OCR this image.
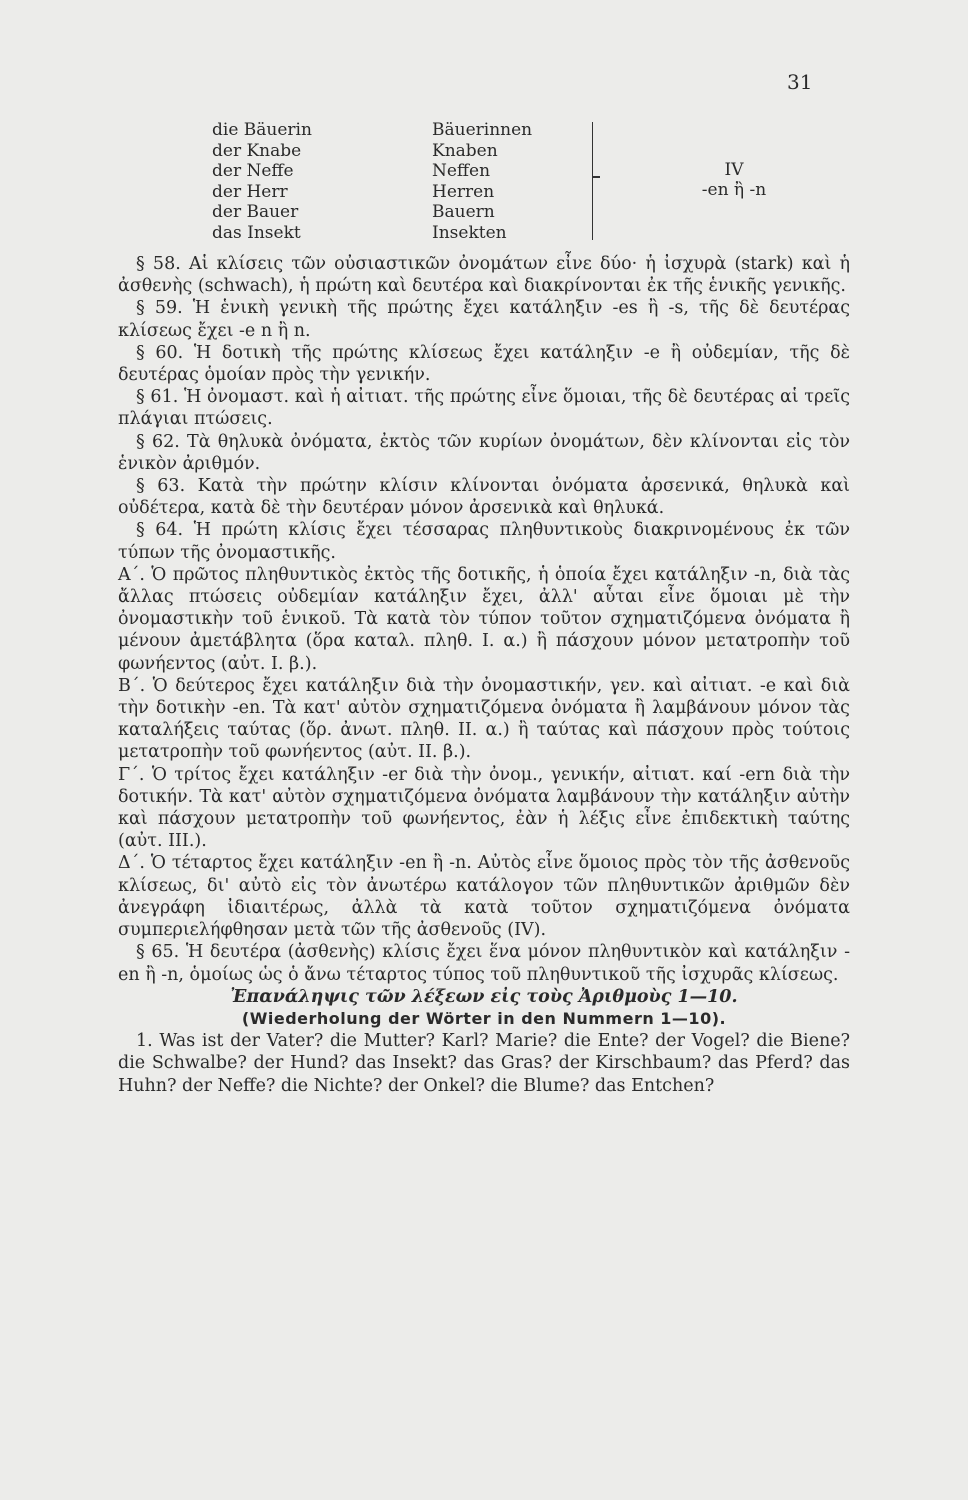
31
die Bäuerin
der Knabe
der Neffe
der Herr
der Bauer
das Insekt
Bäuerinnen
Knaben
Neffen
Herren
Bauern
Insekten
IV
-en ἢ -n

§ 58. Αἱ κλίσεις τῶν οὐσιαστικῶν ὀνομάτων εἶνε δύο· ἡ ἰσχυρὰ (stark) καὶ ἡ ἀσθενὴς (schwach), ἡ πρώτη καὶ δευτέρα καὶ διακρίνονται ἐκ τῆς ἑνικῆς γενικῆς.

§ 59. Ἡ ἑνικὴ γενικὴ τῆς πρώτης ἔχει κατάληξιν -es ἢ -s, τῆς δὲ δευτέρας κλίσεως ἔχει -e n ἢ n.

§ 60. Ἡ δοτικὴ τῆς πρώτης κλίσεως ἔχει κατάληξιν -e ἢ οὐδεμίαν, τῆς δὲ δευτέρας ὁμοίαν πρὸς τὴν γενικήν.

§ 61. Ἡ ὀνομαστ. καὶ ἡ αἰτιατ. τῆς πρώτης εἶνε ὅμοιαι, τῆς δὲ δευτέρας αἱ τρεῖς πλάγιαι πτώσεις.

§ 62. Τὰ θηλυκὰ ὀνόματα, ἐκτὸς τῶν κυρίων ὀνομάτων, δὲν κλίνονται εἰς τὸν ἑνικὸν ἀριθμόν.

§ 63. Κατὰ τὴν πρώτην κλίσιν κλίνονται ὀνόματα ἀρσενικά, θηλυκὰ καὶ οὐδέτερα, κατὰ δὲ τὴν δευτέραν μόνον ἀρσενικὰ καὶ θηλυκά.

§ 64. Ἡ πρώτη κλίσις ἔχει τέσσαρας πληθυντικοὺς διακρινομένους ἐκ τῶν τύπων τῆς ὀνομαστικῆς.

Α΄. Ὁ πρῶτος πληθυντικὸς ἐκτὸς τῆς δοτικῆς, ἡ ὁποία ἔχει κατάληξιν -n, διὰ τὰς ἄλλας πτώσεις οὐδεμίαν κατάληξιν ἔχει, ἀλλ' αὗται εἶνε ὅμοιαι μὲ τὴν ὀνομαστικὴν τοῦ ἑνικοῦ. Τὰ κατὰ τὸν τύπον τοῦτον σχηματιζόμενα ὀνόματα ἢ μένουν ἀμετάβλητα (ὅρα καταλ. πληθ. I. α.) ἢ πάσχουν μόνον μετατροπὴν τοῦ φωνήεντος (αὐτ. I. β.).

Β΄. Ὁ δεύτερος ἔχει κατάληξιν διὰ τὴν ὀνομαστικήν, γεν. καὶ αἰτιατ. -e καὶ διὰ τὴν δοτικὴν -en. Τὰ κατ' αὐτὸν σχηματιζόμενα ὀνόματα ἢ λαμβάνουν μόνον τὰς καταλήξεις ταύτας (ὅρ. ἀνωτ. πληθ. II. α.) ἢ ταύτας καὶ πάσχουν πρὸς τούτοις μετατροπὴν τοῦ φωνήεντος (αὐτ. II. β.).

Γ΄. Ὁ τρίτος ἔχει κατάληξιν -er διὰ τὴν ὀνομ., γενικήν, αἰτιατ. καί -ern διὰ τὴν δοτικήν. Τὰ κατ' αὐτὸν σχηματιζόμενα ὀνόματα λαμβάνουν τὴν κατάληξιν αὐτὴν καὶ πάσχουν μετατροπὴν τοῦ φωνήεντος, ἐὰν ἡ λέξις εἶνε ἐπιδεκτικὴ ταύτης (αὐτ. III.).

Δ΄. Ὁ τέταρτος ἔχει κατάληξιν -en ἢ -n. Αὐτὸς εἶνε ὅμοιος πρὸς τὸν τῆς ἀσθενοῦς κλίσεως, δι' αὐτὸ εἰς τὸν ἀνωτέρω κατάλογον τῶν πληθυντικῶν ἀριθμῶν δὲν ἀνεγράφη ἰδιαιτέρως, ἀλλὰ τὰ κατὰ τοῦτον σχηματιζόμενα ὀνόματα συμπεριελήφθησαν μετὰ τῶν τῆς ἀσθενοῦς (IV).

§ 65. Ἡ δευτέρα (ἀσθενὴς) κλίσις ἔχει ἕνα μόνον πληθυντικὸν καὶ κατάληξιν -en ἢ -n, ὁμοίως ὡς ὁ ἄνω τέταρτος τύπος τοῦ πληθυντικοῦ τῆς ἰσχυρᾶς κλίσεως.

Ἐπανάληψις τῶν λέξεων εἰς τοὺς Ἀριθμοὺς 1—10.

(Wiederholung der Wörter in den Nummern 1—10).

1. Was ist der Vater? die Mutter? Karl? Marie? die Ente? der Vogel? die Biene? die Schwalbe? der Hund? das Insekt? das Gras? der Kirschbaum? das Pferd? das Huhn? der Neffe? die Nichte? der Onkel? die Blume? das Entchen?
